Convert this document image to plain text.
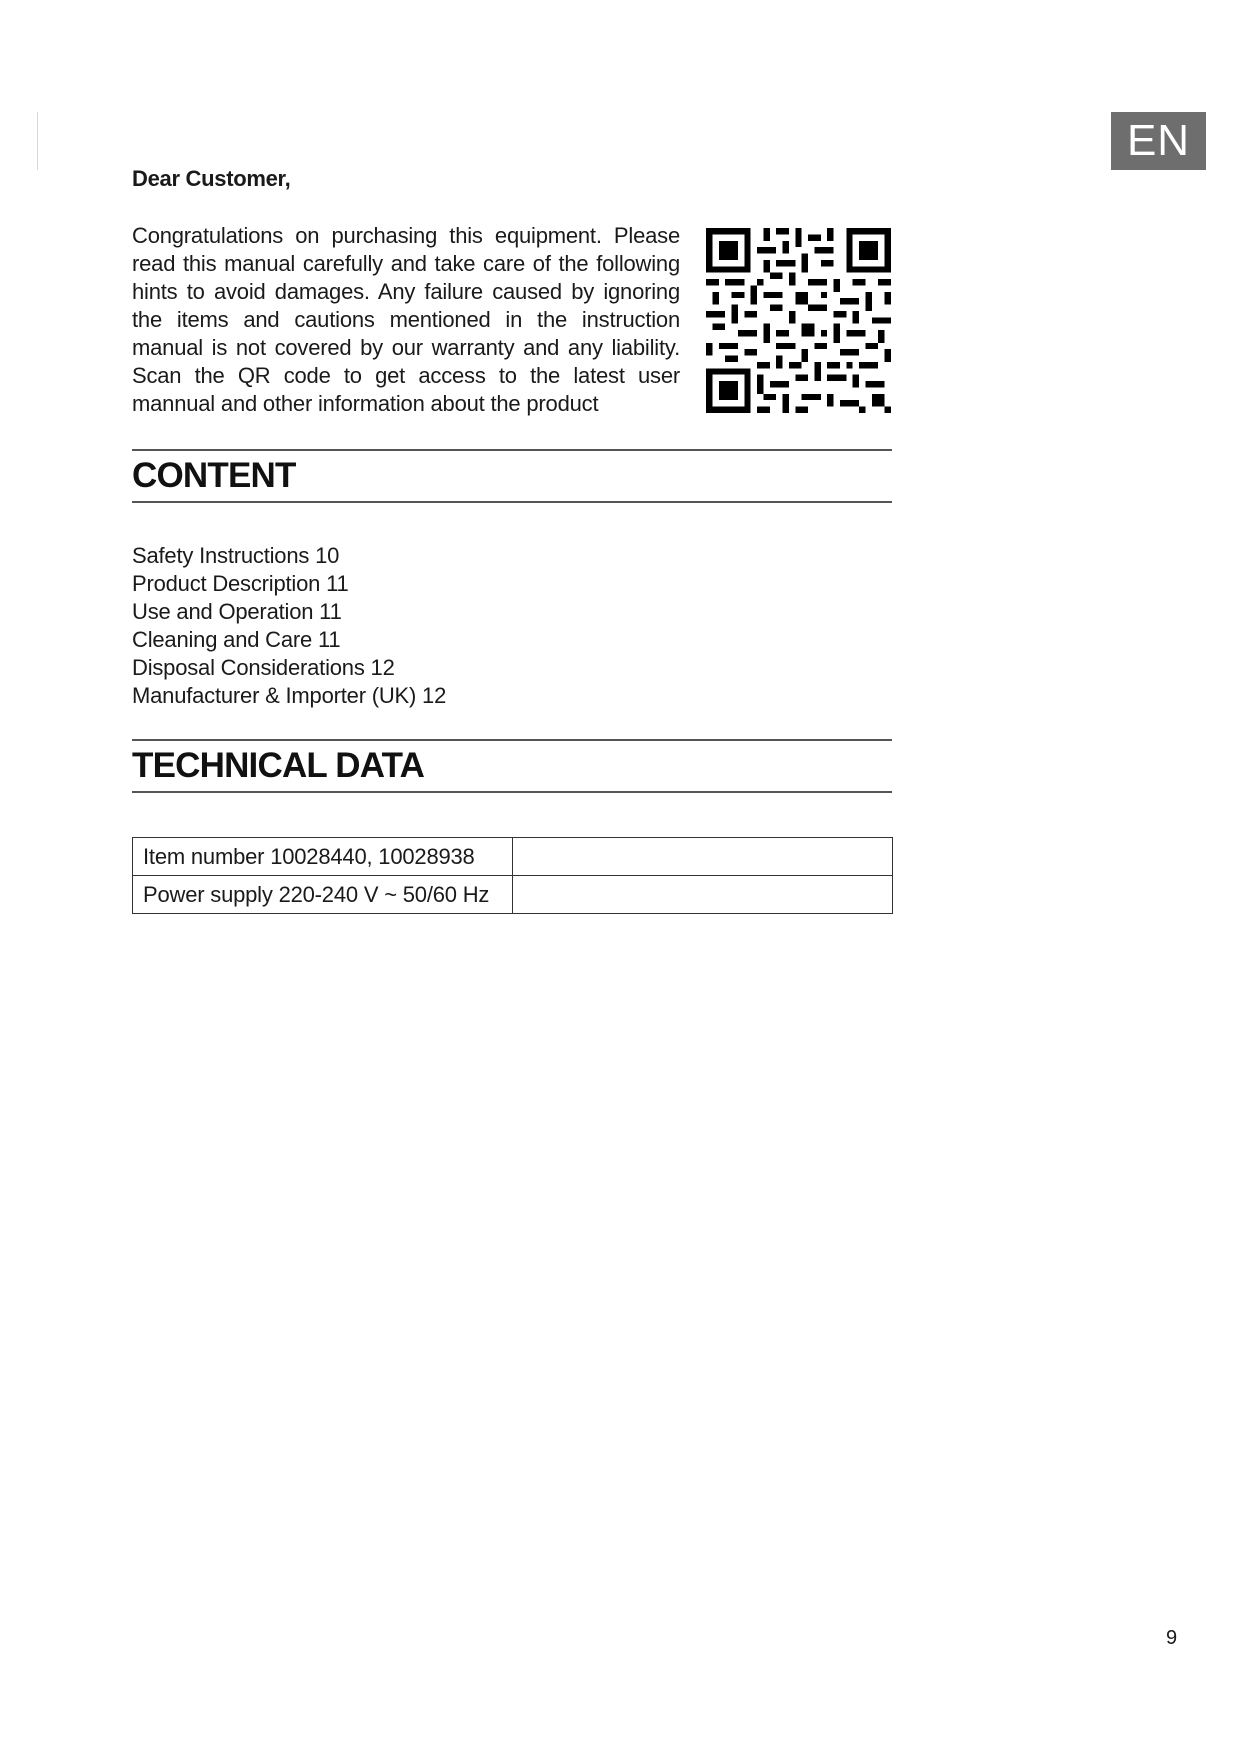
EN
Dear Customer,
Congratulations on purchasing this equipment. Please
read this manual carefully and take care of the following
hints to avoid damages. Any failure caused by ignoring
the items and cautions mentioned in the instruction
manual is not covered by our warranty and any liability.
Scan the QR code to get access to the latest user
mannual and other information about the product
CONTENT
Safety Instructions 10
Product Description 11
Use and Operation 11
Cleaning and Care 11
Disposal Considerations 12
Manufacturer & Importer (UK) 12
TECHNICAL DATA
Item number 10028440, 10028938	
Power supply 220-240 V ~ 50/60 Hz	
9
